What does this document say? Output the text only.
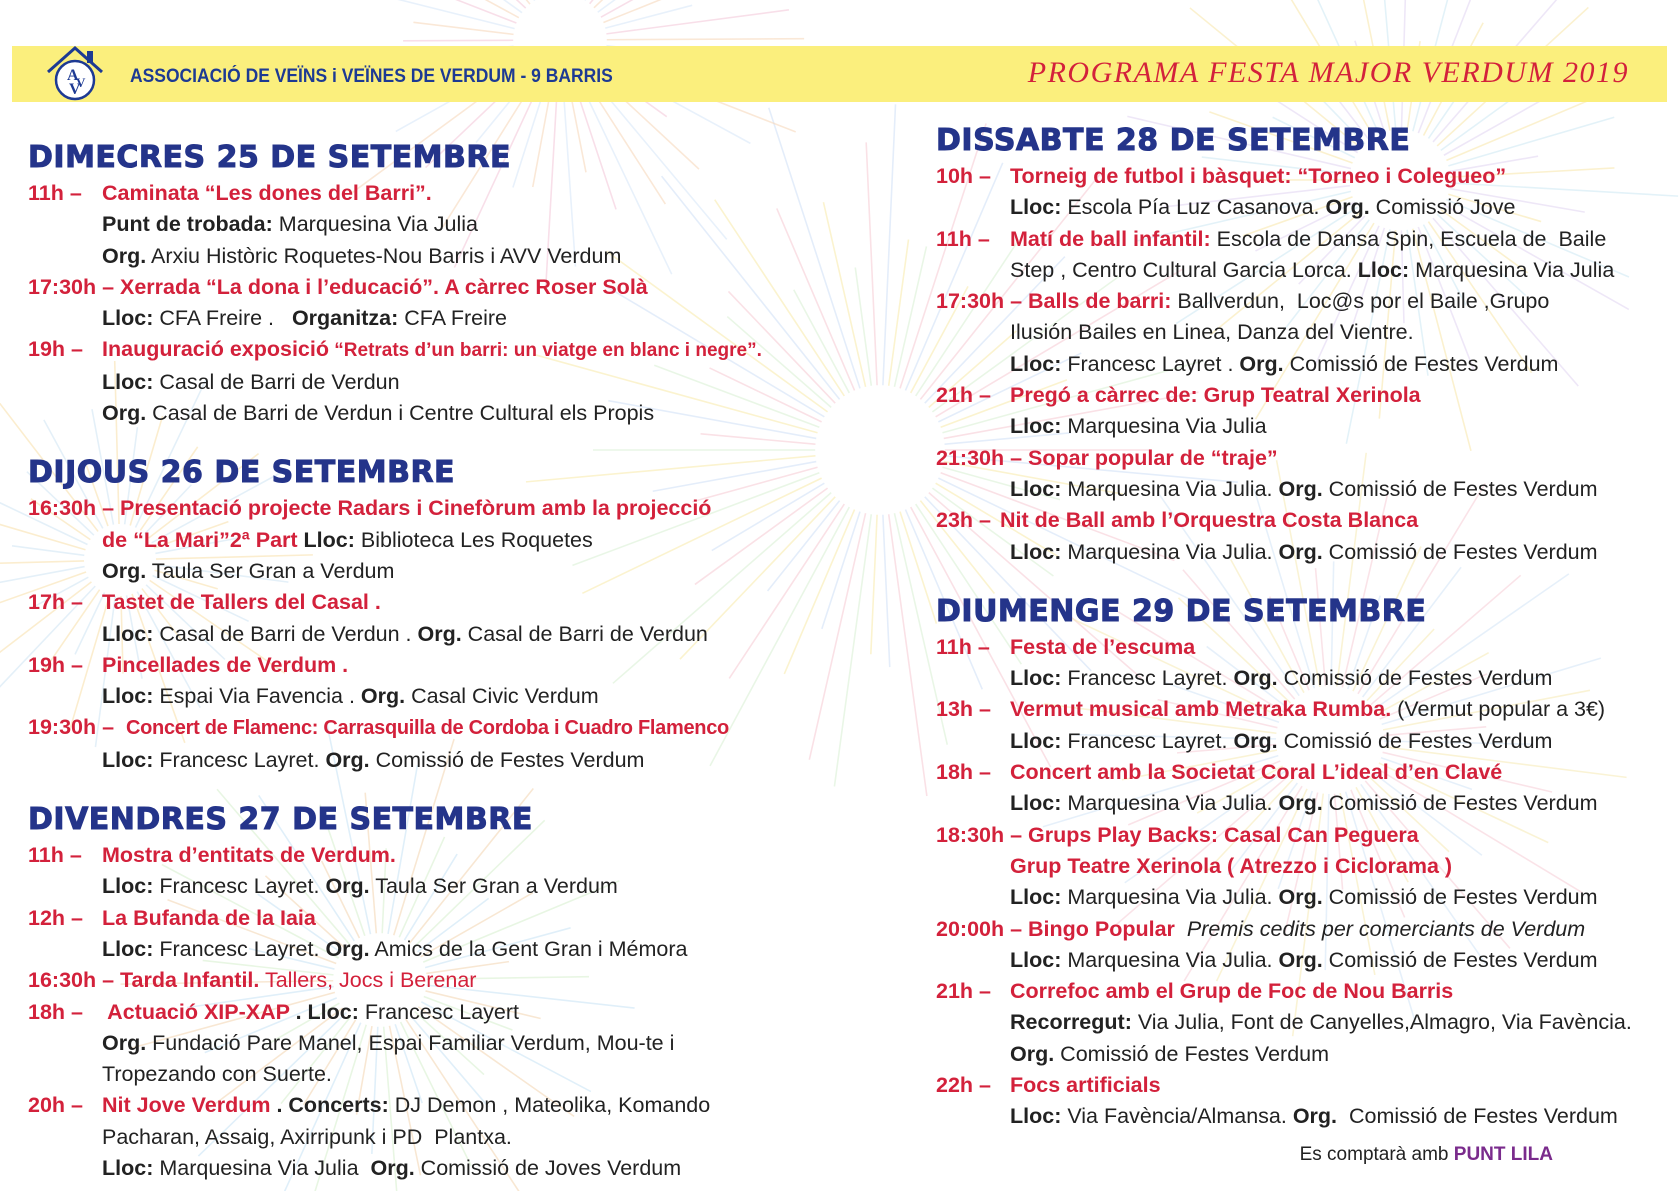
A
V
V ASSOCIACIÓ DE VEÏNS i VEÏNES DE VERDUM - 9 BARRIS	PROGRAMA FESTA MAJOR VERDUM 2019
DIMECRES 25 DE SETEMBRE
11h – Caminata “Les dones del Barri”.
Punt de trobada: Marquesina Via Julia
Org. Arxiu Històric Roquetes-Nou Barris i AVV Verdum
17:30h – Xerrada “La dona i l’educació”. A càrrec Roser Solà
Lloc: CFA Freire .   Organitza: CFA Freire
19h – Inauguració exposició “Retrats d’un barri: un viatge en blanc i negre”.
Lloc: Casal de Barri de Verdun
Org. Casal de Barri de Verdun i Centre Cultural els Propis
DIJOUS 26 DE SETEMBRE
16:30h – Presentació projecte Radars i Cinefòrum amb la projecció
de “La Mari”2ª Part Lloc: Biblioteca Les Roquetes
Org. Taula Ser Gran a Verdum
17h – Tastet de Tallers del Casal .
Lloc: Casal de Barri de Verdun . Org. Casal de Barri de Verdun
19h – Pincellades de Verdum .
Lloc: Espai Via Favencia . Org. Casal Civic Verdum
19:30h – Concert de Flamenc: Carrasquilla de Cordoba i Cuadro Flamenco
Lloc: Francesc Layret. Org. Comissió de Festes Verdum
DIVENDRES 27 DE SETEMBRE
11h – Mostra d’entitats de Verdum.
Lloc: Francesc Layret. Org. Taula Ser Gran a Verdum
12h – La Bufanda de la Iaia
Lloc: Francesc Layret. Org. Amics de la Gent Gran i Mémora
16:30h – Tarda Infantil. Tallers, Jocs i Berenar
18h – Actuació XIP-XAP . Lloc: Francesc Layert
Org. Fundació Pare Manel, Espai Familiar Verdum, Mou-te i
Tropezando con Suerte.
20h – Nit Jove Verdum . Concerts: DJ Demon , Mateolika, Komando
Pacharan, Assaig, Axirripunk i PD  Plantxa.
Lloc: Marquesina Via Julia  Org. Comissió de Joves Verdum
DISSABTE 28 DE SETEMBRE
10h – Torneig de futbol i bàsquet: “Torneo i Colegueo”
Lloc: Escola Pía Luz Casanova. Org. Comissió Jove
11h – Matí de ball infantil: Escola de Dansa Spin, Escuela de  Baile
Step , Centro Cultural Garcia Lorca. Lloc: Marquesina Via Julia
17:30h – Balls de barri: Ballverdun,  Loc@s por el Baile ,Grupo
Ilusión Bailes en Linea, Danza del Vientre.
Lloc: Francesc Layret . Org. Comissió de Festes Verdum
21h – Pregó a càrrec de: Grup Teatral Xerinola
Lloc: Marquesina Via Julia
21:30h – Sopar popular de “traje”
Lloc: Marquesina Via Julia. Org. Comissió de Festes Verdum
23h – Nit de Ball amb l’Orquestra Costa Blanca
Lloc: Marquesina Via Julia. Org. Comissió de Festes Verdum
DIUMENGE 29 DE SETEMBRE
11h – Festa de l’escuma
Lloc: Francesc Layret. Org. Comissió de Festes Verdum
13h – Vermut musical amb Metraka Rumba. (Vermut popular a 3€)
Lloc: Francesc Layret. Org. Comissió de Festes Verdum
18h – Concert amb la Societat Coral L’ideal d’en Clavé
Lloc: Marquesina Via Julia. Org. Comissió de Festes Verdum
18:30h – Grups Play Backs: Casal Can Peguera
Grup Teatre Xerinola ( Atrezzo i Ciclorama )
Lloc: Marquesina Via Julia. Org. Comissió de Festes Verdum
20:00h – Bingo Popular  Premis cedits per comerciants de Verdum
Lloc: Marquesina Via Julia. Org. Comissió de Festes Verdum
21h – Correfoc amb el Grup de Foc de Nou Barris
Recorregut: Via Julia, Font de Canyelles,Almagro, Via Favència.
Org. Comissió de Festes Verdum
22h – Focs artificials
Lloc: Via Favència/Almansa. Org.  Comissió de Festes Verdum
Es comptarà amb PUNT LILA
